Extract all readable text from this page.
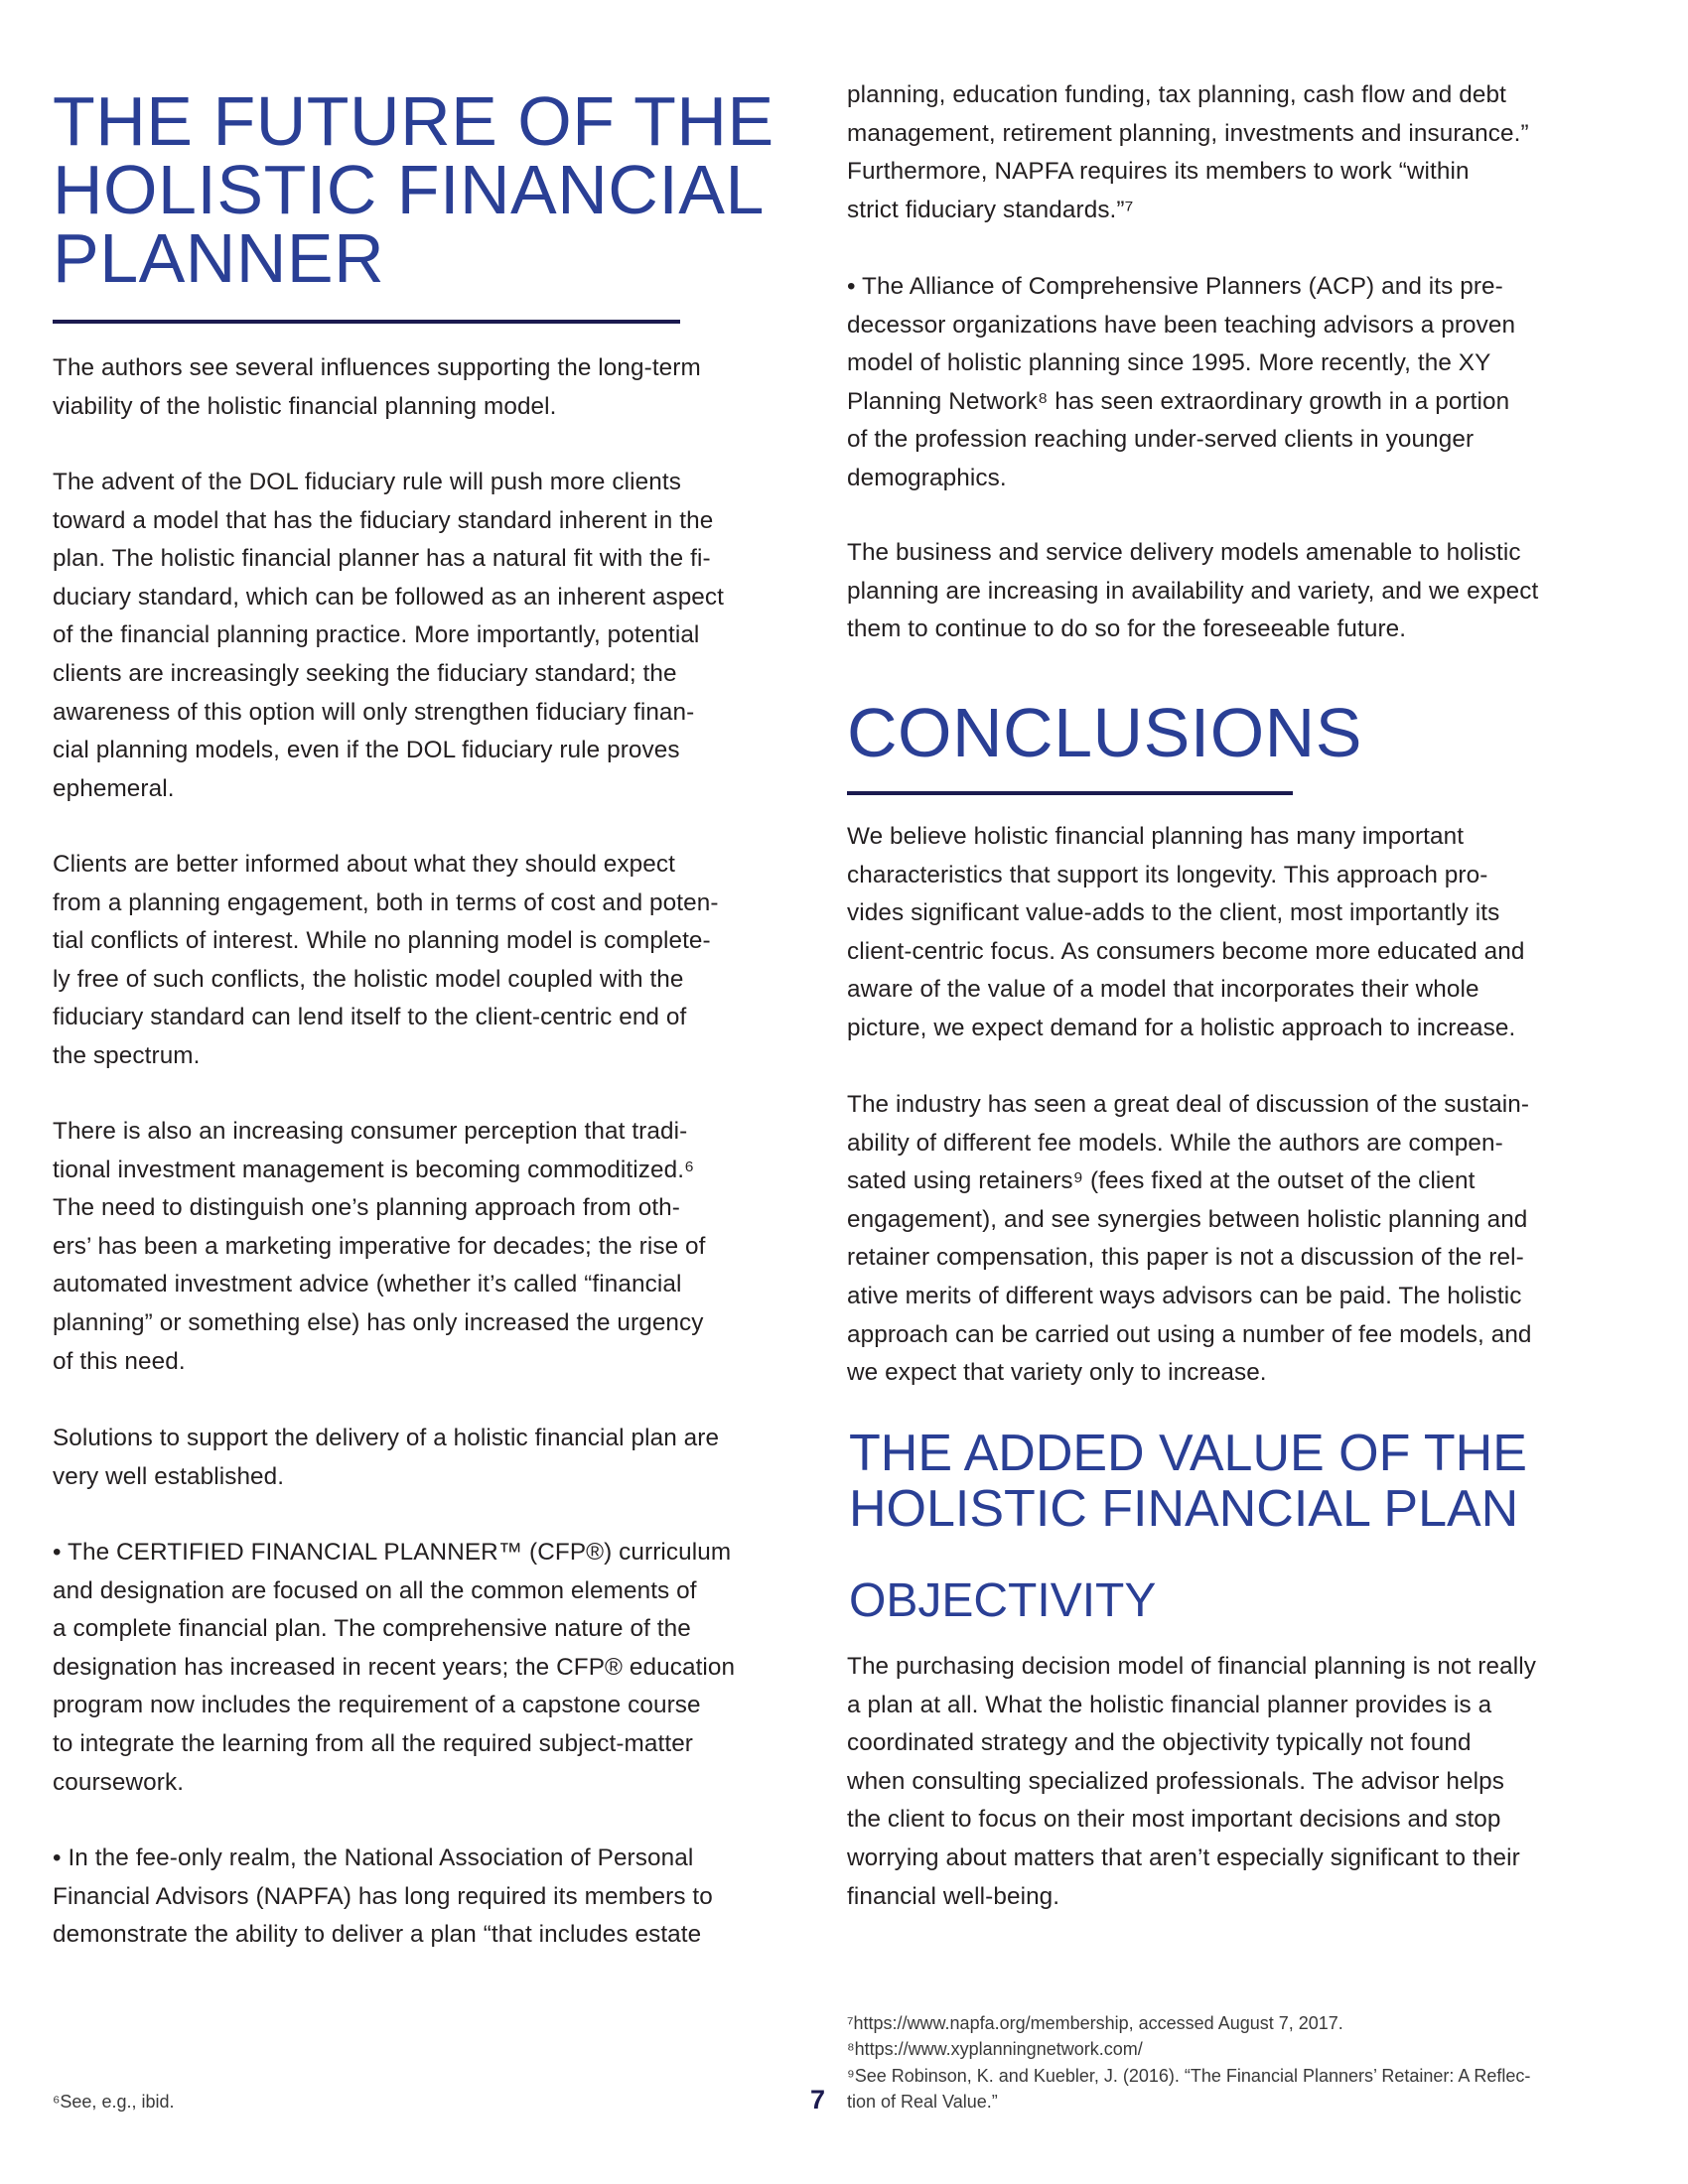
THE FUTURE OF THE
HOLISTIC FINANCIAL
PLANNER
The authors see several influences supporting the long-term
viability of the holistic financial planning model.
The advent of the DOL fiduciary rule will push more clients
toward a model that has the fiduciary standard inherent in the
plan. The holistic financial planner has a natural fit with the fi-
duciary standard, which can be followed as an inherent aspect
of the financial planning practice. More importantly, potential
clients are increasingly seeking the fiduciary standard; the
awareness of this option will only strengthen fiduciary finan-
cial planning models, even if the DOL fiduciary rule proves
ephemeral.
Clients are better informed about what they should expect
from a planning engagement, both in terms of cost and poten-
tial conflicts of interest. While no planning model is complete-
ly free of such conflicts, the holistic model coupled with the
fiduciary standard can lend itself to the client-centric end of
the spectrum.
There is also an increasing consumer perception that tradi-
tional investment management is becoming commoditized.⁶
The need to distinguish one’s planning approach from oth-
ers’ has been a marketing imperative for decades; the rise of
automated investment advice (whether it’s called “financial
planning” or something else) has only increased the urgency
of this need.
Solutions to support the delivery of a holistic financial plan are
very well established.
• The CERTIFIED FINANCIAL PLANNER™ (CFP®) curriculum
and designation are focused on all the common elements of
a complete financial plan. The comprehensive nature of the
designation has increased in recent years; the CFP® education
program now includes the requirement of a capstone course
to integrate the learning from all the required subject-matter
coursework.
• In the fee-only realm, the National Association of Personal
Financial Advisors (NAPFA) has long required its members to
demonstrate the ability to deliver a plan “that includes estate
⁶See, e.g., ibid.	7
planning, education funding, tax planning, cash flow and debt
management, retirement planning, investments and insurance.”
Furthermore, NAPFA requires its members to work “within
strict fiduciary standards.”⁷
• The Alliance of Comprehensive Planners (ACP) and its pre-
decessor organizations have been teaching advisors a proven
model of holistic planning since 1995. More recently, the XY
Planning Network⁸ has seen extraordinary growth in a portion
of the profession reaching under-served clients in younger
demographics.
The business and service delivery models amenable to holistic
planning are increasing in availability and variety, and we expect
them to continue to do so for the foreseeable future.
CONCLUSIONS
We believe holistic financial planning has many important
characteristics that support its longevity. This approach pro-
vides significant value-adds to the client, most importantly its
client-centric focus. As consumers become more educated and
aware of the value of a model that incorporates their whole
picture, we expect demand for a holistic approach to increase.
The industry has seen a great deal of discussion of the sustain-
ability of different fee models. While the authors are compen-
sated using retainers⁹ (fees fixed at the outset of the client
engagement), and see synergies between holistic planning and
retainer compensation, this paper is not a discussion of the rel-
ative merits of different ways advisors can be paid. The holistic
approach can be carried out using a number of fee models, and
we expect that variety only to increase.
THE ADDED VALUE OF THE
HOLISTIC FINANCIAL PLAN
OBJECTIVITY
The purchasing decision model of financial planning is not really
a plan at all. What the holistic financial planner provides is a
coordinated strategy and the objectivity typically not found
when consulting specialized professionals. The advisor helps
the client to focus on their most important decisions and stop
worrying about matters that aren’t especially significant to their
financial well-being.
⁷https://www.napfa.org/membership, accessed August 7, 2017.
⁸https://www.xyplanningnetwork.com/
⁹See Robinson, K. and Kuebler, J. (2016). “The Financial Planners’ Retainer: A Reflec-
tion of Real Value.”
